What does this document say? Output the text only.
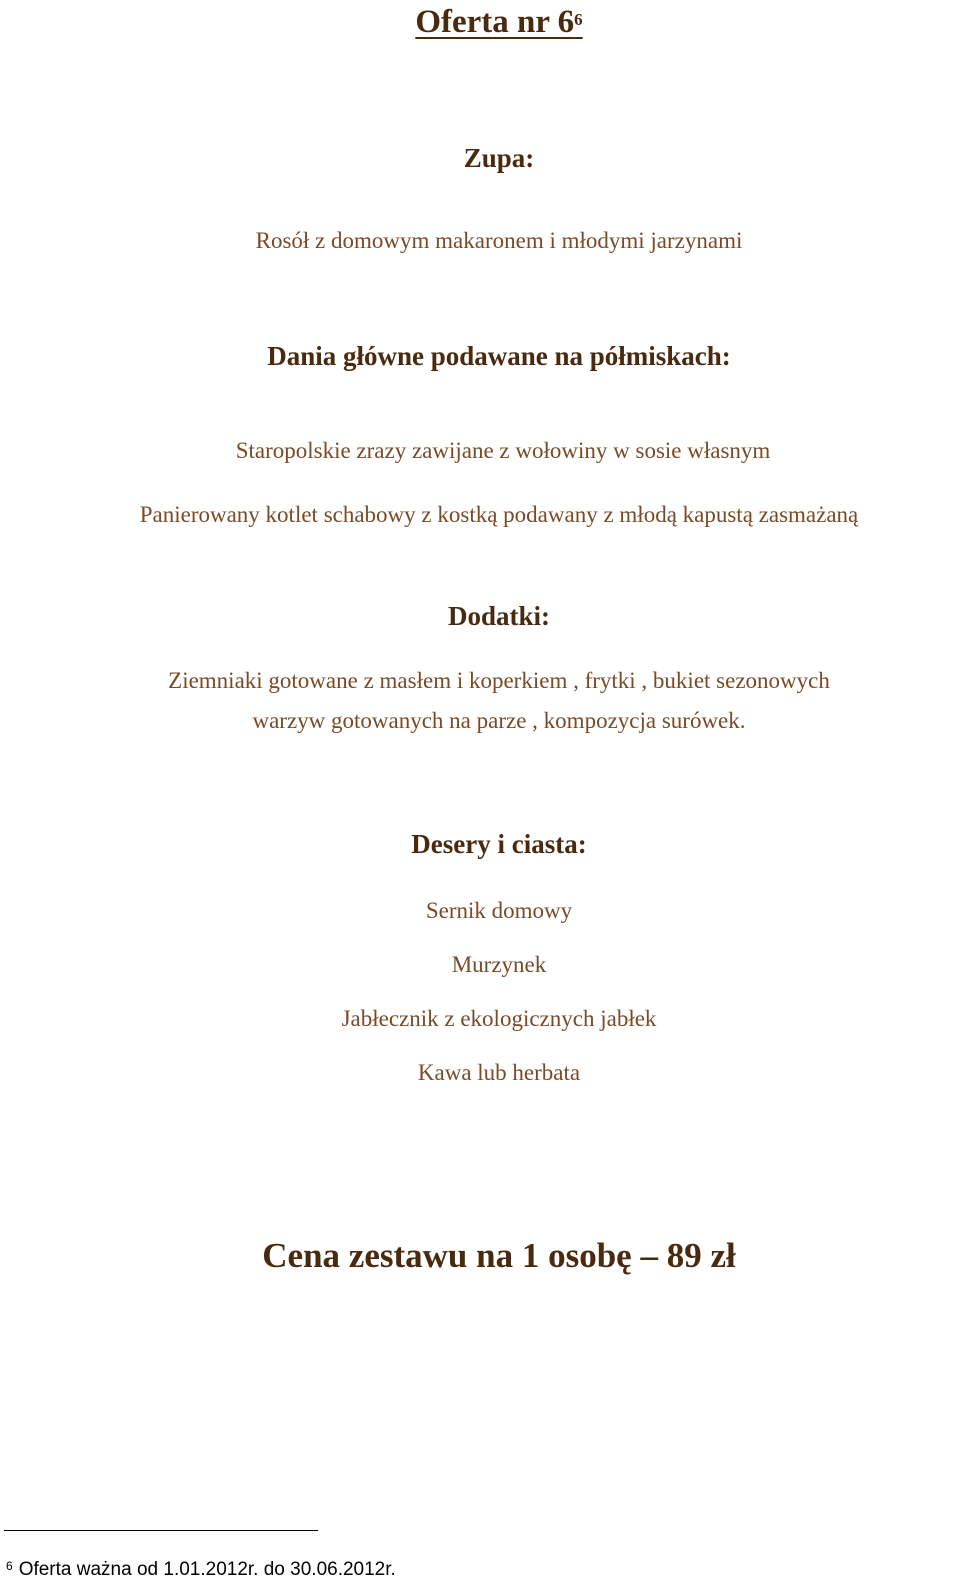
Oferta nr $6^6$
Zupa:
Rosół z domowym makaronem i młodymi jarzynami
Dania główne podawane na półmiskach:
Staropolskie zrazy zawijane z wołowiny w sosie własnym
Panierowany kotlet schabowy z kostką podawany z młodą kapustą zasmażaną
Dodatki:
Ziemniaki gotowane z masłem i koperkiem , frytki , bukiet sezonowych
warzyw gotowanych na parze , kompozycja surówek.
Desery i ciasta:
Sernik domowy
Murzynek
Jabłecznik z ekologicznych jabłek
Kawa lub herbata
Cena zestawu na 1 osobę – 89 zł
$^6$ Oferta ważna od 1.01.2012r. do 30.06.2012r.
